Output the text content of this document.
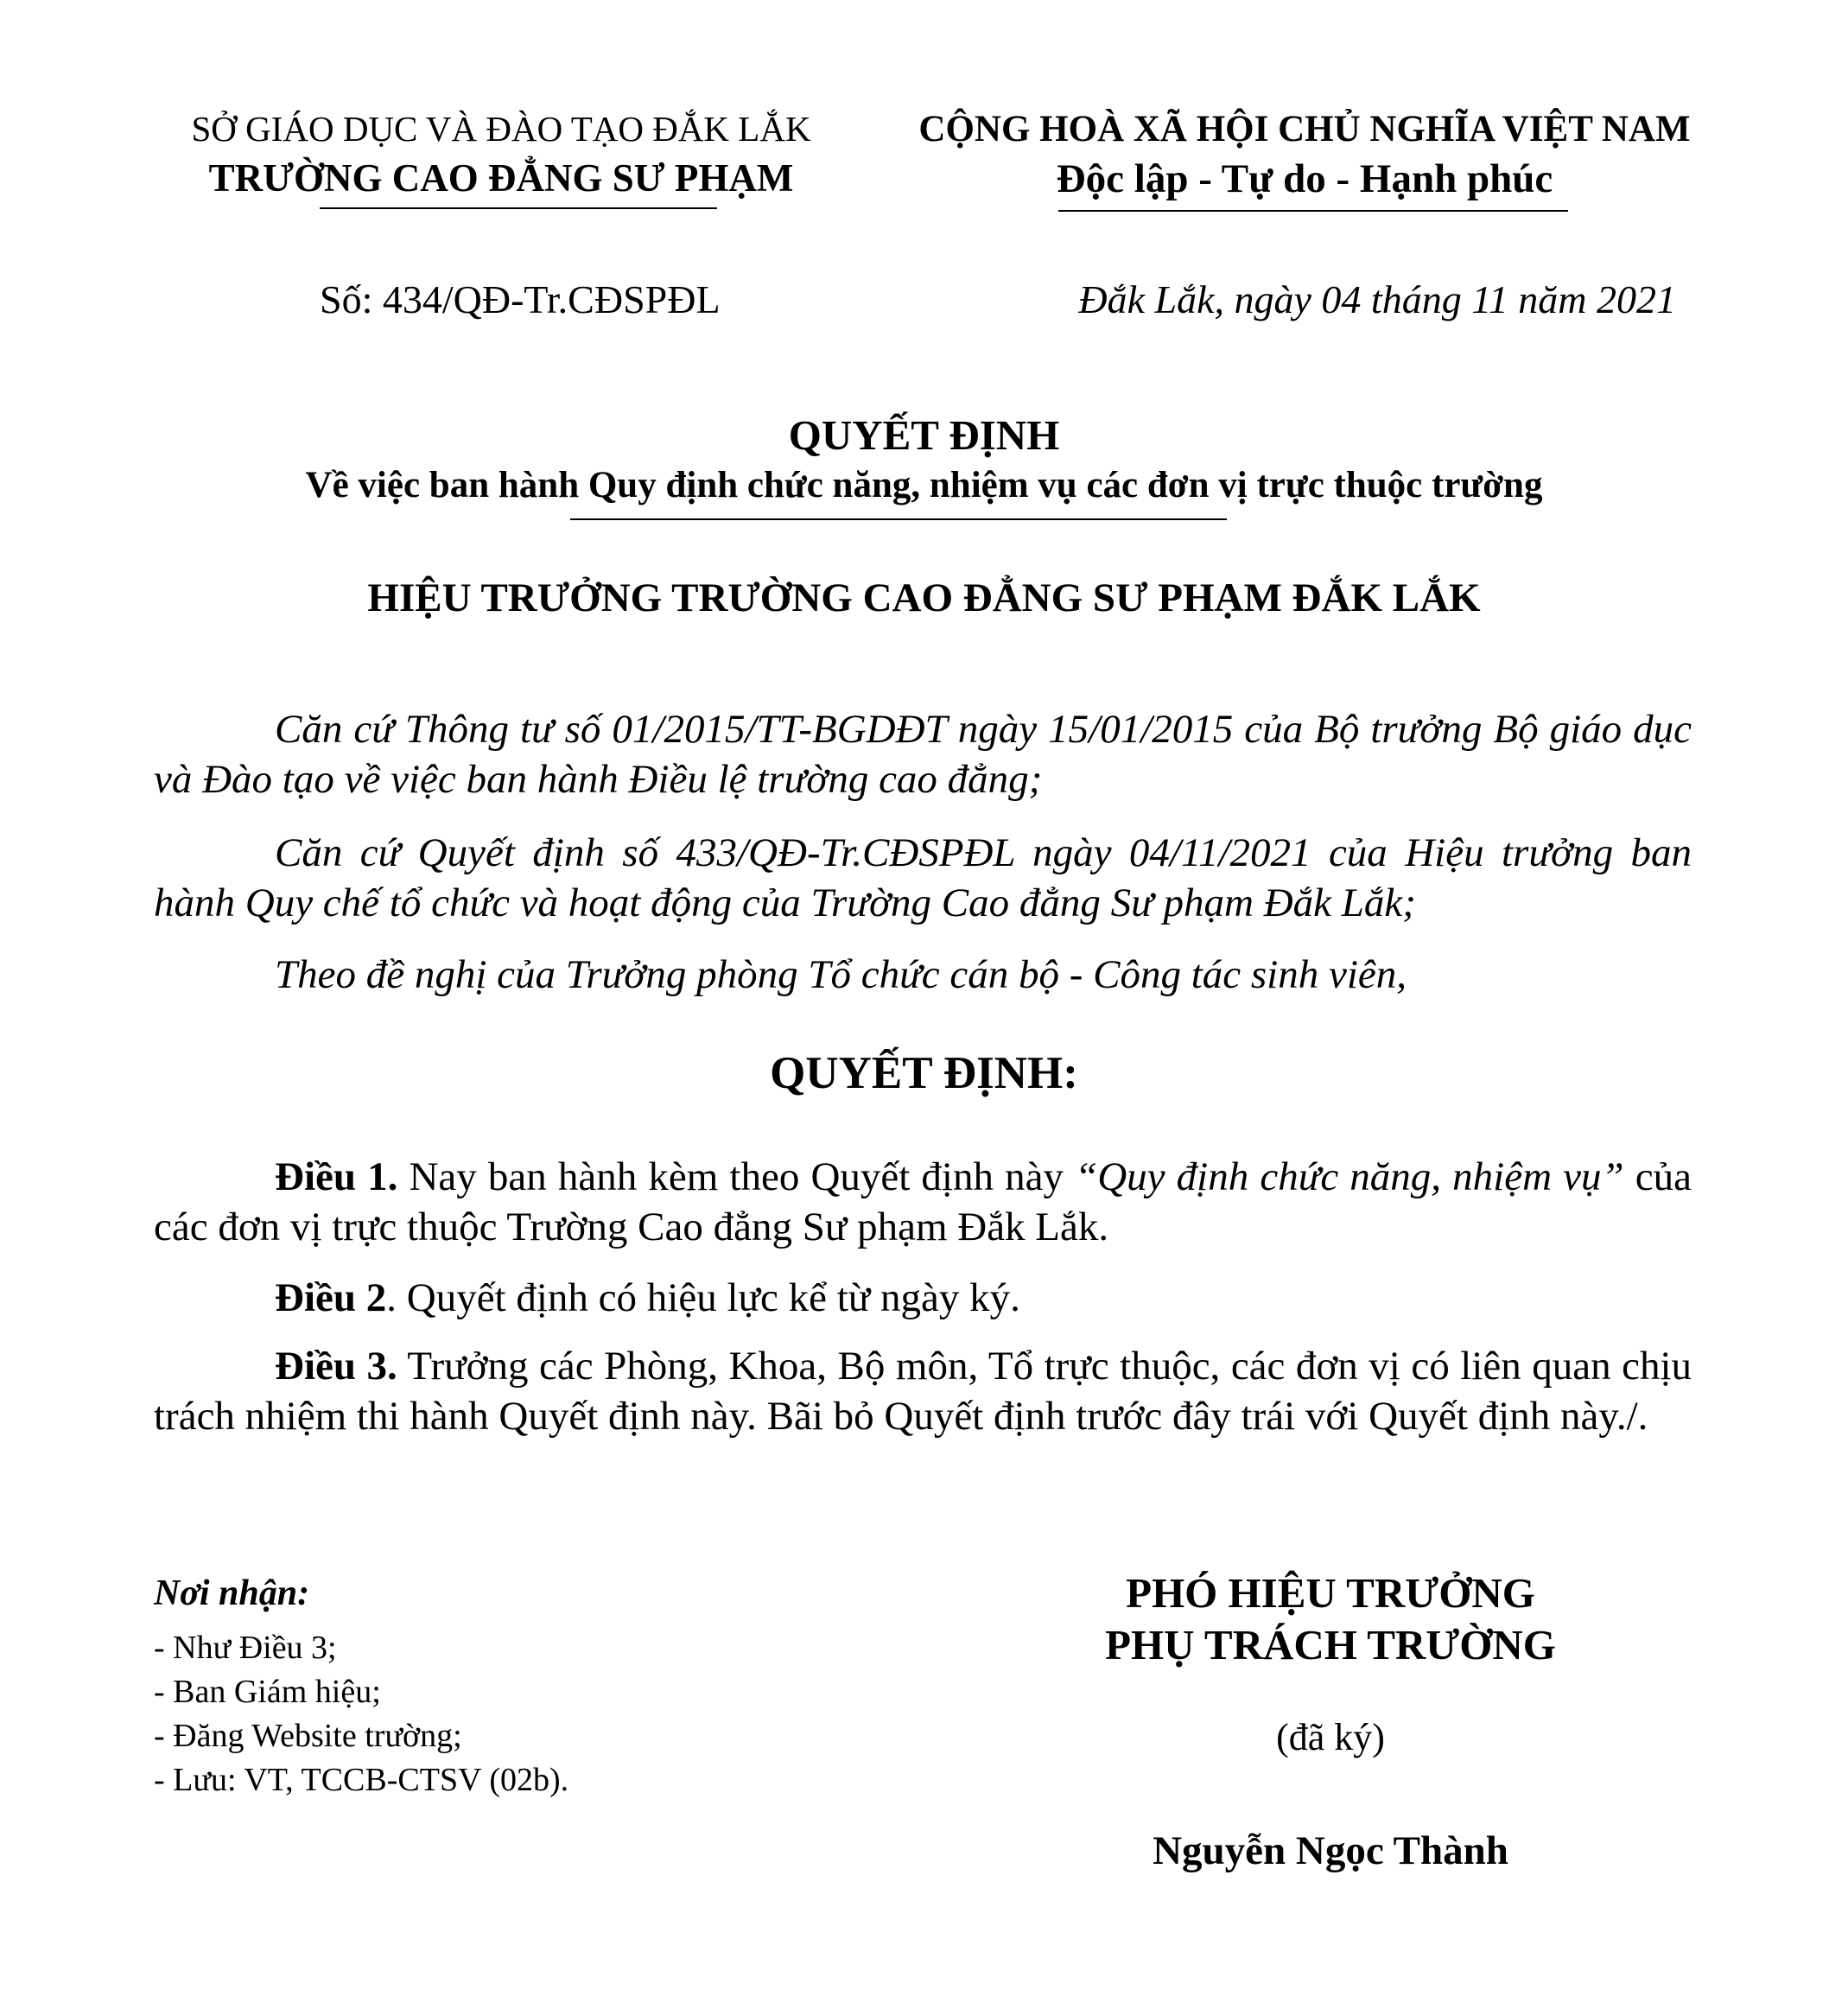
SỞ GIÁO DỤC VÀ ĐÀO TẠO ĐẮK LẮK
TRƯỜNG CAO ĐẲNG SƯ PHẠM
CỘNG HOÀ XÃ HỘI CHỦ NGHĨA VIỆT NAM
Độc lập - Tự do - Hạnh phúc
Số: 434/QĐ-Tr.CĐSPĐL	Đắk Lắk, ngày 04 tháng 11 năm 2021
QUYẾT ĐỊNH
Về việc ban hành Quy định chức năng, nhiệm vụ các đơn vị trực thuộc trường
HIỆU TRƯỞNG TRƯỜNG CAO ĐẲNG SƯ PHẠM ĐẮK LẮK

Căn cứ Thông tư số 01/2015/TT-BGDĐT ngày 15/01/2015 của Bộ trưởng Bộ giáo dục và Đào tạo về việc ban hành Điều lệ trường cao đẳng;

Căn cứ Quyết định số 433/QĐ-Tr.CĐSPĐL ngày 04/11/2021 của Hiệu trưởng ban hành Quy chế tổ chức và hoạt động của Trường Cao đẳng Sư phạm Đắk Lắk;

Theo đề nghị của Trưởng phòng Tổ chức cán bộ - Công tác sinh viên,

QUYẾT ĐỊNH:

Điều 1. Nay ban hành kèm theo Quyết định này “Quy định chức năng, nhiệm vụ” của các đơn vị trực thuộc Trường Cao đẳng Sư phạm Đắk Lắk.

Điều 2. Quyết định có hiệu lực kể từ ngày ký.

Điều 3. Trưởng các Phòng, Khoa, Bộ môn, Tổ trực thuộc, các đơn vị có liên quan chịu trách nhiệm thi hành Quyết định này. Bãi bỏ Quyết định trước đây trái với Quyết định này./.

Nơi nhận:
- Như Điều 3;
- Ban Giám hiệu;
- Đăng Website trường;
- Lưu: VT, TCCB-CTSV (02b).
PHÓ HIỆU TRƯỞNG
PHỤ TRÁCH TRƯỜNG
(đã ký)
Nguyễn Ngọc Thành
